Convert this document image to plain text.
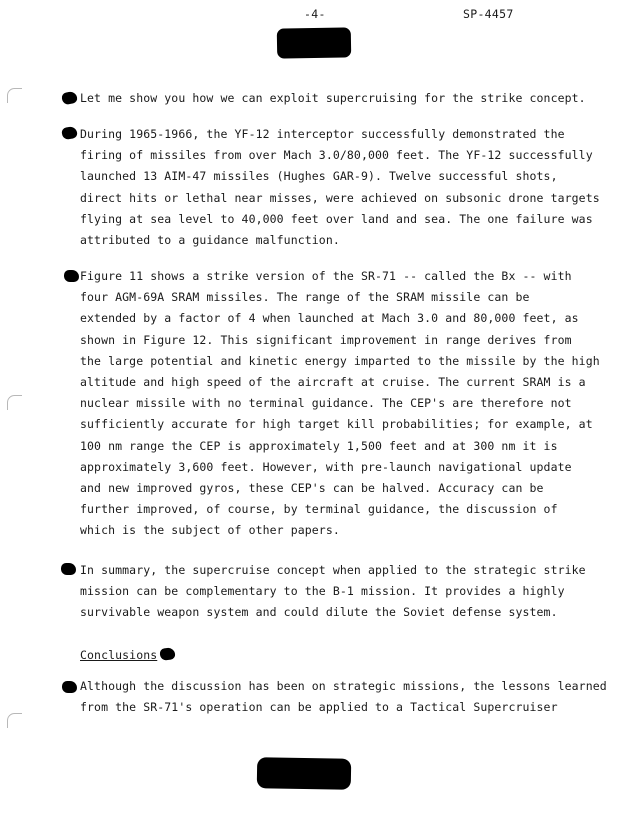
-4-	SP-4457
Let me show you how we can exploit supercruising for the strike concept.
During 1965-1966, the YF-12 interceptor successfully demonstrated the
firing of missiles from over Mach 3.0/80,000 feet. The YF-12 successfully
launched 13 AIM-47 missiles (Hughes GAR-9). Twelve successful shots,
direct hits or lethal near misses, were achieved on subsonic drone targets
flying at sea level to 40,000 feet over land and sea. The one failure was
attributed to a guidance malfunction.
Figure 11 shows a strike version of the SR-71 -- called the Bx -- with
four AGM-69A SRAM missiles. The range of the SRAM missile can be
extended by a factor of 4 when launched at Mach 3.0 and 80,000 feet, as
shown in Figure 12. This significant improvement in range derives from
the large potential and kinetic energy imparted to the missile by the high
altitude and high speed of the aircraft at cruise. The current SRAM is a
nuclear missile with no terminal guidance. The CEP's are therefore not
sufficiently accurate for high target kill probabilities; for example, at
100 nm range the CEP is approximately 1,500 feet and at 300 nm it is
approximately 3,600 feet. However, with pre-launch navigational update
and new improved gyros, these CEP's can be halved. Accuracy can be
further improved, of course, by terminal guidance, the discussion of
which is the subject of other papers.
In summary, the supercruise concept when applied to the strategic strike
mission can be complementary to the B-1 mission. It provides a highly
survivable weapon system and could dilute the Soviet defense system.
Conclusions
Although the discussion has been on strategic missions, the lessons learned
from the SR-71's operation can be applied to a Tactical Supercruiser
